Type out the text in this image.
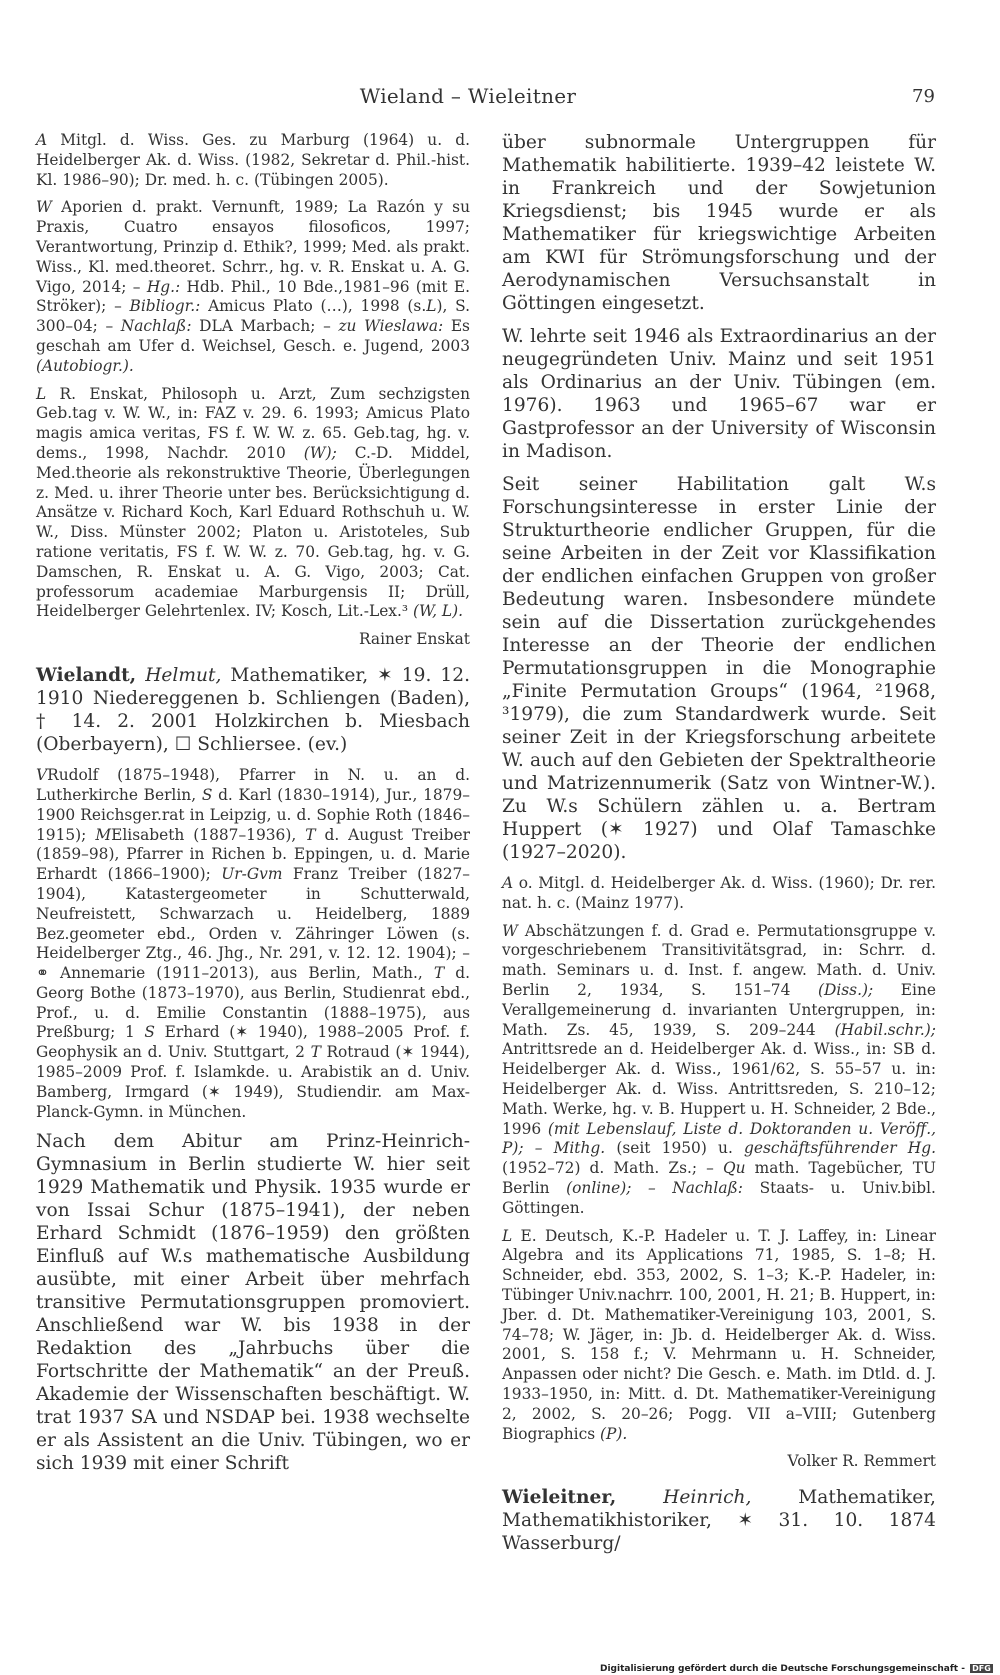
Wieland – Wieleitner	79

A Mitgl. d. Wiss. Ges. zu Marburg (1964) u. d. Heidelberger Ak. d. Wiss. (1982, Sekretar d. Phil.-hist. Kl. 1986–90); Dr. med. h. c. (Tübingen 2005).

W Aporien d. prakt. Vernunft, 1989; La Razón y su Praxis, Cuatro ensayos filosoficos, 1997; Verantwortung, Prinzip d. Ethik?, 1999; Med. als prakt. Wiss., Kl. med.theoret. Schrr., hg. v. R. Enskat u. A. G. Vigo, 2014; – Hg.: Hdb. Phil., 10 Bde.,1981–96 (mit E. Ströker); – Bibliogr.: Amicus Plato (…), 1998 (s.L), S. 300–04; – Nachlaß: DLA Marbach; – zu Wieslawa: Es geschah am Ufer d. Weichsel, Gesch. e. Jugend, 2003 (Autobiogr.).

L R. Enskat, Philosoph u. Arzt, Zum sechzigsten Geb.tag v. W. W., in: FAZ v. 29. 6. 1993; Amicus Plato magis amica veritas, FS f. W. W. z. 65. Geb.tag, hg. v. dems., 1998, Nachdr. 2010 (W); C.-D. Middel, Med.theorie als rekonstruktive Theorie, Überlegungen z. Med. u. ihrer Theorie unter bes. Berücksichtigung d. Ansätze v. Richard Koch, Karl Eduard Rothschuh u. W. W., Diss. Münster 2002; Platon u. Aristoteles, Sub ratione veritatis, FS f. W. W. z. 70. Geb.tag, hg. v. G. Damschen, R. Enskat u. A. G. Vigo, 2003; Cat. professorum academiae Marburgensis II; Drüll, Heidelberger Gelehrtenlex. IV; Kosch, Lit.-Lex.³ (W, L).

Rainer Enskat

Wielandt, Helmut, Mathematiker, ✶ 19. 12. 1910 Niedereggenen b. Schliengen (Baden), † 14. 2. 2001 Holzkirchen b. Miesbach (Oberbayern), ☐ Schliersee. (ev.)

VRudolf (1875–1948), Pfarrer in N. u. an d. Lutherkirche Berlin, S d. Karl (1830–1914), Jur., 1879–1900 Reichsger.rat in Leipzig, u. d. Sophie Roth (1846–1915); MElisabeth (1887–1936), T d. August Treiber (1859–98), Pfarrer in Richen b. Eppingen, u. d. Marie Erhardt (1866–1900); Ur-Gvm Franz Treiber (1827–1904), Katastergeometer in Schutterwald, Neufreistett, Schwarzach u. Heidelberg, 1889 Bez.geometer ebd., Orden v. Zähringer Löwen (s. Heidelberger Ztg., 46. Jhg., Nr. 291, v. 12. 12. 1904); – ⚭ Annemarie (1911–2013), aus Berlin, Math., T d. Georg Bothe (1873–1970), aus Berlin, Studienrat ebd., Prof., u. d. Emilie Constantin (1888–1975), aus Preßburg; 1 S Erhard (✶ 1940), 1988–2005 Prof. f. Geophysik an d. Univ. Stuttgart, 2 T Rotraud (✶ 1944), 1985–2009 Prof. f. Islamkde. u. Arabistik an d. Univ. Bamberg, Irmgard (✶ 1949), Studiendir. am Max-Planck-Gymn. in München.

Nach dem Abitur am Prinz-Heinrich-Gymnasium in Berlin studierte W. hier seit 1929 Mathematik und Physik. 1935 wurde er von Issai Schur (1875–1941), der neben Erhard Schmidt (1876–1959) den größten Einfluß auf W.s mathematische Ausbildung ausübte, mit einer Arbeit über mehrfach transitive Permutationsgruppen promoviert. Anschließend war W. bis 1938 in der Redaktion des „Jahrbuchs über die Fortschritte der Mathematik“ an der Preuß. Akademie der Wissenschaften beschäftigt. W. trat 1937 SA und NSDAP bei. 1938 wechselte er als Assistent an die Univ. Tübingen, wo er sich 1939 mit einer Schrift

über subnormale Untergruppen für Mathematik habilitierte. 1939–42 leistete W. in Frankreich und der Sowjetunion Kriegsdienst; bis 1945 wurde er als Mathematiker für kriegswichtige Arbeiten am KWI für Strömungsforschung und der Aerodynamischen Versuchsanstalt in Göttingen eingesetzt.

W. lehrte seit 1946 als Extraordinarius an der neugegründeten Univ. Mainz und seit 1951 als Ordinarius an der Univ. Tübingen (em. 1976). 1963 und 1965–67 war er Gastprofessor an der University of Wisconsin in Madison.

Seit seiner Habilitation galt W.s Forschungsinteresse in erster Linie der Strukturtheorie endlicher Gruppen, für die seine Arbeiten in der Zeit vor Klassifikation der endlichen einfachen Gruppen von großer Bedeutung waren. Insbesondere mündete sein auf die Dissertation zurückgehendes Interesse an der Theorie der endlichen Permutationsgruppen in die Monographie „Finite Permutation Groups“ (1964, ²1968, ³1979), die zum Standardwerk wurde. Seit seiner Zeit in der Kriegsforschung arbeitete W. auch auf den Gebieten der Spektraltheorie und Matrizennumerik (Satz von Wintner-W.). Zu W.s Schülern zählen u. a. Bertram Huppert (✶ 1927) und Olaf Tamaschke (1927–2020).

A o. Mitgl. d. Heidelberger Ak. d. Wiss. (1960); Dr. rer. nat. h. c. (Mainz 1977).

W Abschätzungen f. d. Grad e. Permutationsgruppe v. vorgeschriebenem Transitivitätsgrad, in: Schrr. d. math. Seminars u. d. Inst. f. angew. Math. d. Univ. Berlin 2, 1934, S. 151–74 (Diss.); Eine Verallgemeinerung d. invarianten Untergruppen, in: Math. Zs. 45, 1939, S. 209–244 (Habil.schr.); Antrittsrede an d. Heidelberger Ak. d. Wiss., in: SB d. Heidelberger Ak. d. Wiss., 1961/62, S. 55–57 u. in: Heidelberger Ak. d. Wiss. Antrittsreden, S. 210–12; Math. Werke, hg. v. B. Huppert u. H. Schneider, 2 Bde., 1996 (mit Lebenslauf, Liste d. Doktoranden u. Veröff., P); – Mithg. (seit 1950) u. geschäftsführender Hg. (1952–72) d. Math. Zs.; – Qu math. Tagebücher, TU Berlin (online); – Nachlaß: Staats- u. Univ.bibl. Göttingen.

L E. Deutsch, K.-P. Hadeler u. T. J. Laffey, in: Linear Algebra and its Applications 71, 1985, S. 1–8; H. Schneider, ebd. 353, 2002, S. 1–3; K.-P. Hadeler, in: Tübinger Univ.nachrr. 100, 2001, H. 21; B. Huppert, in: Jber. d. Dt. Mathematiker-Vereinigung 103, 2001, S. 74–78; W. Jäger, in: Jb. d. Heidelberger Ak. d. Wiss. 2001, S. 158 f.; V. Mehrmann u. H. Schneider, Anpassen oder nicht? Die Gesch. e. Math. im Dtld. d. J. 1933–1950, in: Mitt. d. Dt. Mathematiker-Vereinigung 2, 2002, S. 20–26; Pogg. VII a–VIII; Gutenberg Biographics (P).

Volker R. Remmert

Wieleitner,	Heinrich,	Mathematiker, Mathematikhistoriker, ✶ 31. 10. 1874 Wasserburg/

Digitalisierung gefördert durch die Deutsche Forschungsgemeinschaft - DFG
